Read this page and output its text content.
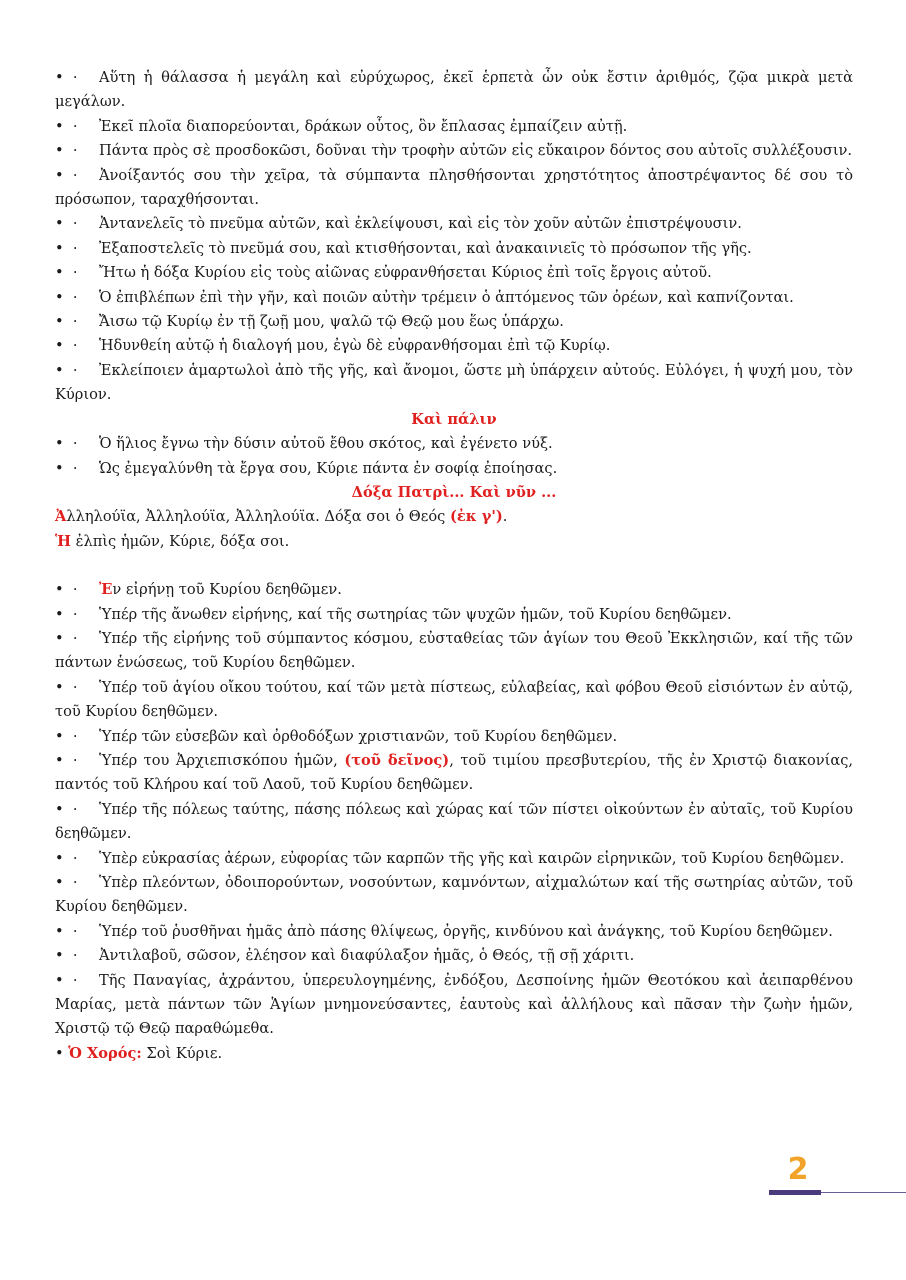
•  · Αὕτη ἡ θάλασσα ἡ μεγάλη καὶ εὐρύχωρος, ἐκεῖ ἑρπετὰ ὧν οὐκ ἔστιν ἀριθμός, ζῷα μικρὰ μετὰ μεγάλων.

•  · Ἐκεῖ πλοῖα διαπορεύονται, δράκων οὗτος, ὃν ἔπλασας ἐμπαίζειν αὐτῇ.

•  · Πάντα πρὸς σὲ προσδοκῶσι, δοῦναι τὴν τροφὴν αὐτῶν εἰς εὔκαιρον δόντος σου αὐτοῖς συλλέξουσιν.

•  · Ἀνοίξαντός σου τὴν χεῖρα, τὰ σύμπαντα πλησθήσονται χρηστότητος ἀποστρέψαντος δέ σου τὸ πρόσωπον, ταραχθήσονται.

•  · Ἀντανελεῖς τὸ πνεῦμα αὐτῶν, καὶ ἐκλείψουσι, καὶ εἰς τὸν χοῦν αὐτῶν ἐπιστρέψουσιν.

•  · Ἐξαποστελεῖς τὸ πνεῦμά σου, καὶ κτισθήσονται, καὶ ἀνακαινιεῖς τὸ πρόσωπον τῆς γῆς.

•  · Ἤτω ἡ δόξα Κυρίου εἰς τοὺς αἰῶνας εὐφρανθήσεται Κύριος ἐπὶ τοῖς ἔργοις αὐτοῦ.

•  · Ὁ ἐπιβλέπων ἐπὶ τὴν γῆν, καὶ ποιῶν αὐτὴν τρέμειν ὁ ἁπτόμενος τῶν ὀρέων, καὶ καπνίζονται.

•  · Ἄισω τῷ Κυρίῳ ἐν τῇ ζωῇ μου, ψαλῶ τῷ Θεῷ μου ἕως ὑπάρχω.

•  · Ἡδυνθείη αὐτῷ ἡ διαλογή μου, ἐγὼ δὲ εὐφρανθήσομαι ἐπὶ τῷ Κυρίῳ.

•  · Ἐκλείποιεν ἁμαρτωλοὶ ἀπὸ τῆς γῆς, καὶ ἄνομοι, ὥστε μὴ ὑπάρχειν αὐτούς. Εὐλόγει, ἡ ψυχή μου, τὸν Κύριον.

Καὶ πάλιν

•  · Ὁ ἥλιος ἔγνω τὴν δύσιν αὐτοῦ ἔθου σκότος, καὶ ἐγένετο νύξ.

•  · Ὡς ἐμεγαλύνθη τὰ ἔργα σου, Κύριε πάντα ἐν σοφίᾳ ἐποίησας.

Δόξα Πατρὶ... Καὶ νῦν ...

Ἀλληλούϊα, Ἀλληλούϊα, Ἀλληλούϊα. Δόξα σοι ὁ Θεός (ἐκ γ').

Ἡ ἐλπὶς ἡμῶν, Κύριε, δόξα σοι.

•  · Ἐν εἰρήνῃ τοῦ Κυρίου δεηθῶμεν.

•  · Ὑπέρ τῆς ἄνωθεν εἰρήνης, καί τῆς σωτηρίας τῶν ψυχῶν ἡμῶν, τοῦ Κυρίου δεηθῶμεν.

•  · Ὑπέρ τῆς εἰρήνης τοῦ σύμπαντος κόσμου, εὐσταθείας τῶν ἁγίων του Θεοῦ Ἐκκλησιῶν, καί τῆς τῶν πάντων ἑνώσεως, τοῦ Κυρίου δεηθῶμεν.

•  · Ὑπέρ τοῦ ἁγίου οἴκου τούτου, καί τῶν μετὰ πίστεως, εὐλαβείας, καὶ φόβου Θεοῦ εἰσιόντων ἐν αὐτῷ, τοῦ Κυρίου δεηθῶμεν.

•  · Ὑπέρ τῶν εὐσεβῶν καὶ ὀρθοδόξων χριστιανῶν, τοῦ Κυρίου δεηθῶμεν.

•  · Ὑπέρ του Ἀρχιεπισκόπου ἡμῶν, (τοῦ δεῖνος), τοῦ τιμίου πρεσβυτερίου, τῆς ἐν Χριστῷ διακονίας, παντός τοῦ Κλήρου καί τοῦ Λαοῦ, τοῦ Κυρίου δεηθῶμεν.

•  · Ὑπέρ τῆς πόλεως ταύτης, πάσης πόλεως καὶ χώρας καί τῶν πίστει οἰκούντων ἐν αὐταῖς, τοῦ Κυρίου δεηθῶμεν.

•  · Ὑπὲρ εὐκρασίας ἀέρων, εὐφορίας τῶν καρπῶν τῆς γῆς καὶ καιρῶν εἰρηνικῶν, τοῦ Κυρίου δεηθῶμεν.

•  · Ὑπὲρ πλεόντων, ὁδοιπορούντων, νοσούντων, καμνόντων, αἰχμαλώτων καί τῆς σωτηρίας αὐτῶν, τοῦ Κυρίου δεηθῶμεν.

•  · Ὑπέρ τοῦ ῥυσθῆναι ἡμᾶς ἀπὸ πάσης θλίψεως, ὀργῆς, κινδύνου καὶ ἀνάγκης, τοῦ Κυρίου δεηθῶμεν.

•  · Ἀντιλαβοῦ, σῶσον, ἐλέησον καὶ διαφύλαξον ἡμᾶς, ὁ Θεός, τῇ σῇ χάριτι.

•  · Τῆς Παναγίας, ἀχράντου, ὑπερευλογημένης, ἐνδόξου, Δεσποίνης ἡμῶν Θεοτόκου καὶ ἀειπαρθένου Μαρίας, μετὰ πάντων τῶν Ἁγίων μνημονεύσαντες, ἑαυτοὺς καὶ ἀλλήλους καὶ πᾶσαν τὴν ζωὴν ἡμῶν, Χριστῷ τῷ Θεῷ παραθώμεθα.

• Ὁ Χορός: Σοὶ Κύριε.

2
